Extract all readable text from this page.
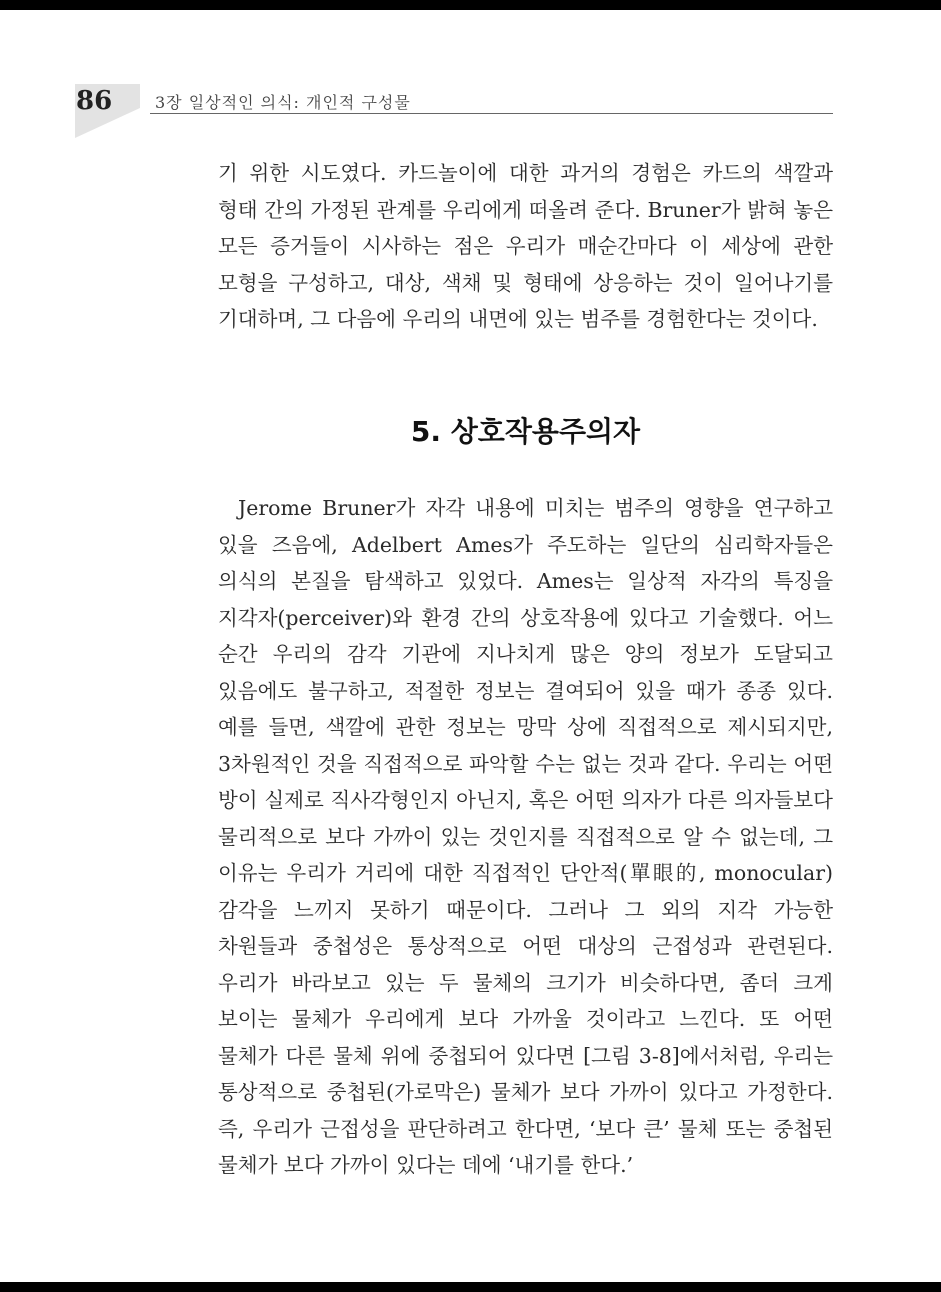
86	3장 일상적인 의식: 개인적 구성물
기 위한 시도였다. 카드놀이에 대한 과거의 경험은 카드의 색깔과 형태 간의 가정된 관계를 우리에게 떠올려 준다. Bruner가 밝혀 놓은 모든 증거들이 시사하는 점은 우리가 매순간마다 이 세상에 관한 모형을 구성하고, 대상, 색채 및 형태에 상응하는 것이 일어나기를 기대하며, 그 다음에 우리의 내면에 있는 범주를 경험한다는 것이다.
5. 상호작용주의자
Jerome Bruner가 자각 내용에 미치는 범주의 영향을 연구하고 있을 즈음에, Adelbert Ames가 주도하는 일단의 심리학자들은 의식의 본질을 탐색하고 있었다. Ames는 일상적 자각의 특징을 지각자(perceiver)와 환경 간의 상호작용에 있다고 기술했다. 어느 순간 우리의 감각 기관에 지나치게 많은 양의 정보가 도달되고 있음에도 불구하고, 적절한 정보는 결여되어 있을 때가 종종 있다. 예를 들면, 색깔에 관한 정보는 망막 상에 직접적으로 제시되지만, 3차원적인 것을 직접적으로 파악할 수는 없는 것과 같다. 우리는 어떤 방이 실제로 직사각형인지 아닌지, 혹은 어떤 의자가 다른 의자들보다 물리적으로 보다 가까이 있는 것인지를 직접적으로 알 수 없는데, 그 이유는 우리가 거리에 대한 직접적인 단안적(單眼的, monocular) 감각을 느끼지 못하기 때문이다. 그러나 그 외의 지각 가능한 차원들과 중첩성은 통상적으로 어떤 대상의 근접성과 관련된다. 우리가 바라보고 있는 두 물체의 크기가 비슷하다면, 좀더 크게 보이는 물체가 우리에게 보다 가까울 것이라고 느낀다. 또 어떤 물체가 다른 물체 위에 중첩되어 있다면 [그림 3-8]에서처럼, 우리는 통상적으로 중첩된(가로막은) 물체가 보다 가까이 있다고 가정한다. 즉, 우리가 근접성을 판단하려고 한다면, ‘보다 큰’ 물체 또는 중첩된 물체가 보다 가까이 있다는 데에 ‘내기를 한다.’
